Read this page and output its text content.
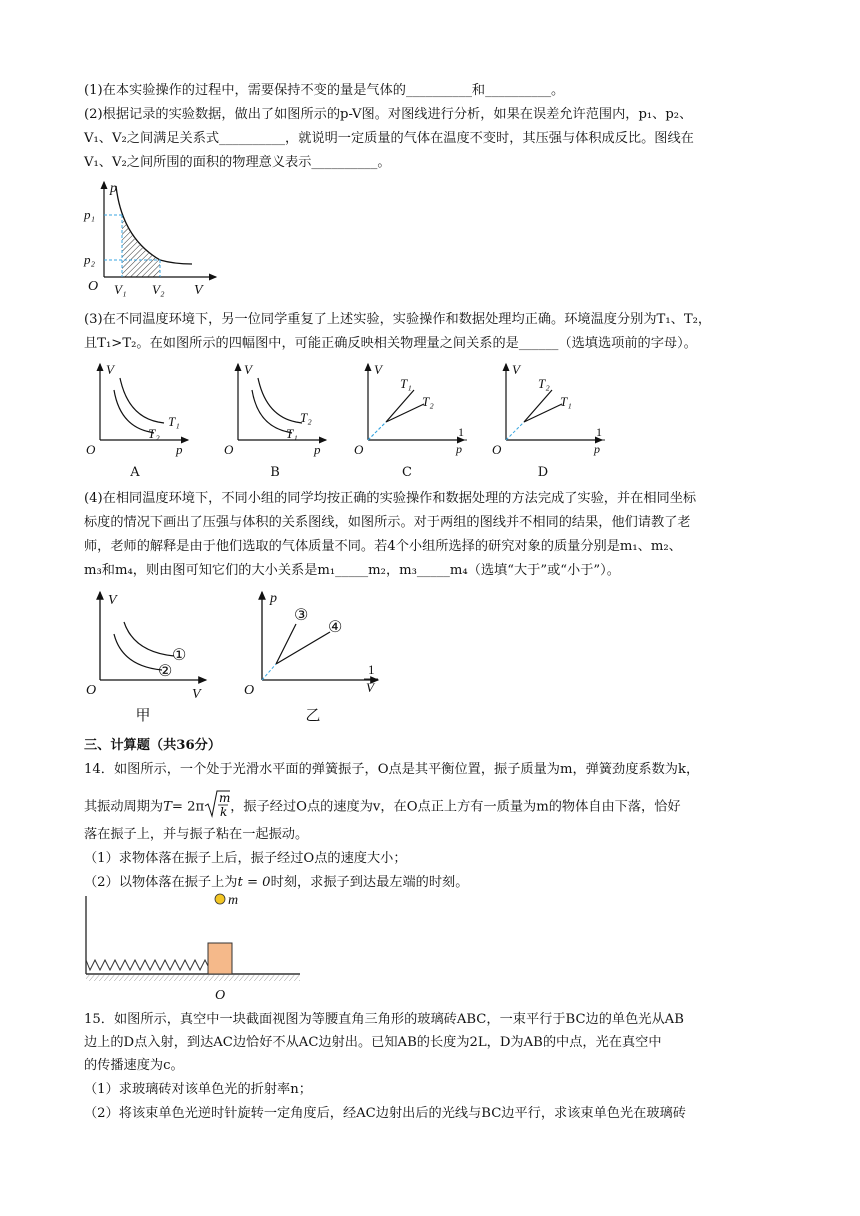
(1)在本实验操作的过程中，需要保持不变的量是气体的__________和__________。
(2)根据记录的实验数据，做出了如图所示的p-V图。对图线进行分析，如果在误差允许范围内，p₁、p₂、
V₁、V₂之间满足关系式__________，就说明一定质量的气体在温度不变时，其压强与体积成反比。图线在
V₁、V₂之间所围的面积的物理意义表示__________。
p
p₁
p₂
O V₁ V₂ V
(3)在不同温度环境下，另一位同学重复了上述实验，实验操作和数据处理均正确。环境温度分别为T₁、T₂，
且T₁>T₂。在如图所示的四幅图中，可能正确反映相关物理量之间关系的是______（选填选项前的字母）。
V
T₁
T₂
O	p
A
V
T₂
T₁
O	p
B
V
T₁
T₂
O
1
p
C
V
T₂
T₁
O
1
p
D
(4)在相同温度环境下，不同小组的同学均按正确的实验操作和数据处理的方法完成了实验，并在相同坐标
标度的情况下画出了压强与体积的关系图线，如图所示。对于两组的图线并不相同的结果，他们请教了老
师，老师的解释是由于他们选取的气体质量不同。若4个小组所选择的研究对象的质量分别是m₁、m₂、
m₃和m₄，则由图可知它们的大小关系是m₁_____m₂，m₃_____m₄（选填“大于”或“小于”）。
V
①
②
O	V
甲
p
③
④
O
1
V
乙
三、计算题（共36分）
14．如图所示，一个处于光滑水平面的弹簧振子，O点是其平衡位置，振子质量为m，弹簧劲度系数为k，
其振动周期为T= 2π
m
k ，振子经过O点的速度为v，在O点正上方有一质量为m的物体自由下落，恰好
落在振子上，并与振子粘在一起振动。
（1）求物体落在振子上后，振子经过O点的速度大小；
（2）以物体落在振子上为t = 0时刻，求振子到达最左端的时刻。
m
O
15．如图所示，真空中一块截面视图为等腰直角三角形的玻璃砖ABC，一束平行于BC边的单色光从AB
边上的D点入射，到达AC边恰好不从AC边射出。已知AB的长度为2L，D为AB的中点，光在真空中
的传播速度为c。
（1）求玻璃砖对该单色光的折射率n；
（2）将该束单色光逆时针旋转一定角度后，经AC边射出后的光线与BC边平行，求该束单色光在玻璃砖
